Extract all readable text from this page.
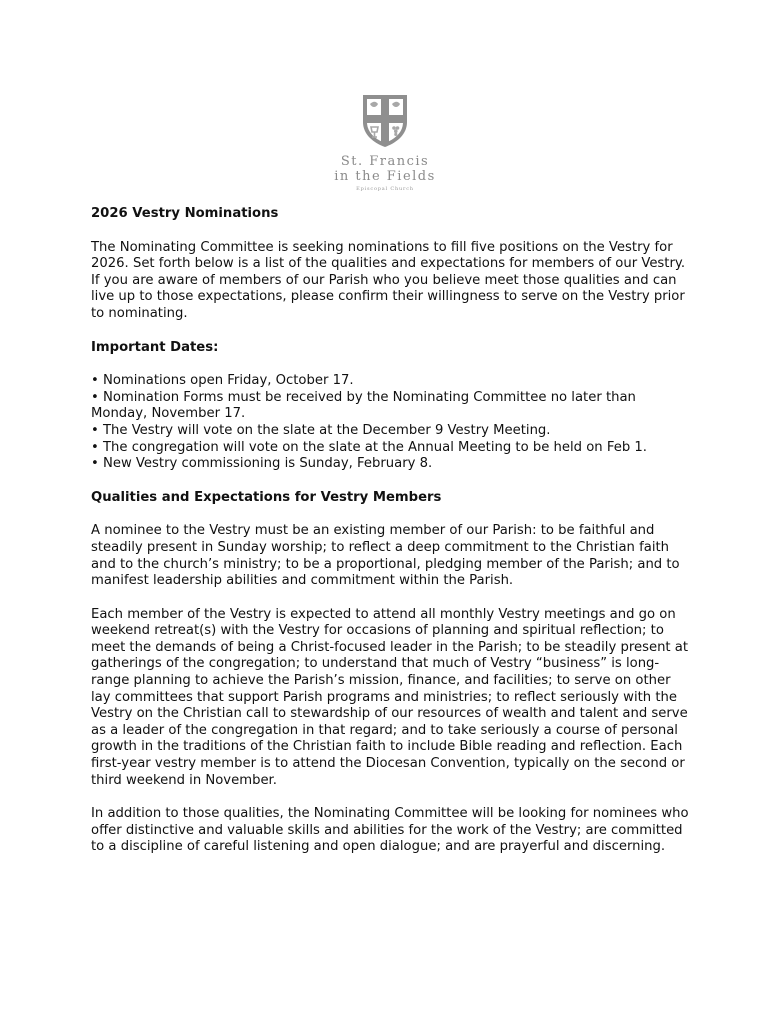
St. Francis
in the Fields
Episcopal Church
2026 Vestry Nominations

The Nominating Committee is seeking nominations to fill five positions on the Vestry for 2026. Set forth below is a list of the qualities and expectations for members of our Vestry. If you are aware of members of our Parish who you believe meet those qualities and can live up to those expectations, please confirm their willingness to serve on the Vestry prior to nominating.

Important Dates:
• Nominations open Friday, October 17.
• Nomination Forms must be received by the Nominating Committee no later than Monday, November 17.
• The Vestry will vote on the slate at the December 9 Vestry Meeting.
• The congregation will vote on the slate at the Annual Meeting to be held on Feb 1.
• New Vestry commissioning is Sunday, February 8.
Qualities and Expectations for Vestry Members

A nominee to the Vestry must be an existing member of our Parish: to be faithful and steadily present in Sunday worship; to reflect a deep commitment to the Christian faith and to the church’s ministry; to be a proportional, pledging member of the Parish; and to manifest leadership abilities and commitment within the Parish.

Each member of the Vestry is expected to attend all monthly Vestry meetings and go on weekend retreat(s) with the Vestry for occasions of planning and spiritual reflection; to meet the demands of being a Christ-focused leader in the Parish; to be steadily present at gatherings of the congregation; to understand that much of Vestry “business” is long-range planning to achieve the Parish’s mission, finance, and facilities; to serve on other lay committees that support Parish programs and ministries; to reflect seriously with the Vestry on the Christian call to stewardship of our resources of wealth and talent and serve as a leader of the congregation in that regard; and to take seriously a course of personal growth in the traditions of the Christian faith to include Bible reading and reflection. Each first-year vestry member is to attend the Diocesan Convention, typically on the second or third weekend in November.

In addition to those qualities, the Nominating Committee will be looking for nominees who offer distinctive and valuable skills and abilities for the work of the Vestry; are committed to a discipline of careful listening and open dialogue; and are prayerful and discerning.
